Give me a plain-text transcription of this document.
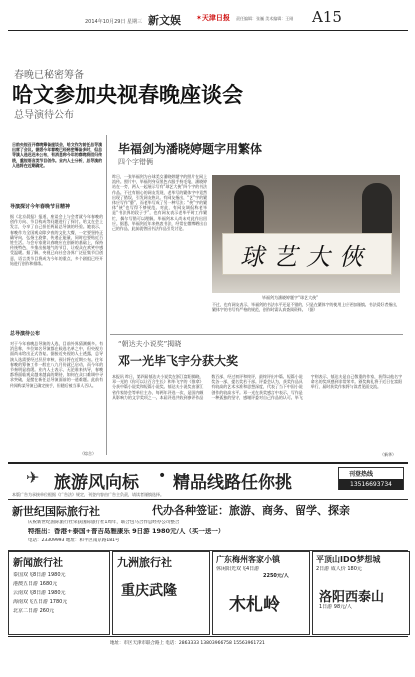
2014年10月29日 星期三 新文娱 ✶天津日报 责任编辑：张巍 美术编辑：王刚 A15
春晚已秘密筹备
哈文参加央视春晚座谈会
总导演待公布
日前央视召开春晚筹备座谈会，哈文作为前任总导演出席了会议。据悉今年春晚已经秘密筹备多时，但总导演人选迟迟未公布，有消息称今年的春晚将回归传统，重视语言类节目创作。业内人士分析，总导演的人选将在近期确定。
导演探讨今年春晚节目精神
据《北京晨报》报道，座谈会上与会者就今年春晚的创作方向、节目构成等问题进行了探讨。哈文在会上发言，分享了自己担任两届总导演的经验。她表示，春晚作为全国观众除夕夜的文化大餐，一定要坚持正确导向，弘扬主旋律，传递正能量，同时也要贴近百姓生活。与会专家建议春晚应在创新的基础上，保持传统特色，多推出接地气的节目，让观众在欢笑中感受温暖。据了解，央视已向社会各界广泛征集节目创意，语言类节目将成为今年的重点，多个剧组已经开始进行创作和排练。
总导演待公布
对于今年春晚总导演的人选，目前外界猜测颇多。有消息称，多位知名导演都在候选名单之中，但央视方面尚未给出正式答复。据接近央视的人士透露，总导演人选需要经过层层审核，预计将在近期公布。往年春晚的筹备工作一般在八九月份就已启动，而今年的节奏明显放缓。业内人士表示，无论谁来执导，春晚都将面临观众越来越高的期待，如何在众口难调中寻求突破，是摆在新任总导演面前的一道难题。此前有传闻称某导演已确定接手，但随后被当事人否认。
（综合）
毕福剑为潘晓婷题字用繁体
四个字错俩
昨日，一张毕福剑为台球美女潘晓婷题字的照片在网上流传。照片中，毕福剑身穿黑色衣服手持毛笔，潘晓婷站在一旁，两人一起展示写有“球艺大俠”四个字的书法作品。不过有细心的网友发现，老毕写的繁体字中竟然出现了错误，引发网友热议。有网友指出，“艺”字的繁体应写作“藝”，而老毕写成了另一种写法；“侠”字的繁体“俠”也写得不够规范。对此，有网友调侃称老毕是“书法界的段子手”，也有网友表示老毕平时工作繁忙，偶尔写错可以理解。毕福剑本人尚未对此作出回应。据悉，毕福剑近年来热衷书法，经常在微博晒出自己的作品，此前就曾因书法作品引发讨论。
球艺大俠
毕福剑为潘晓婷题字“球艺大俠”
不过，也有网友表示，毕福剑的书法水平还是不错的，只是在繁体字的使用上应更加谨慎。书法爱好者指出，繁体字的书写有严格的规范，创作时需认真查阅资料。（据）
“朝达夫小说奖”揭晓
邓一光毕飞宇分获大奖
本报讯 昨日，第四届郁达夫小说奖在浙江富阳揭晓，邓一光的《你可以让百合生长》和毕飞宇的《推拿》分获中篇小说奖和短篇小说奖。郁达夫小说奖由浙江省作家协会等单位主办，每两年评选一次，是国内颇具影响力的文学奖项之一。本届评选共收到参评作品数百部，经过初评和终评，最终评出中篇、短篇小说奖各一部，提名奖若干部。评委会认为，获奖作品具有较高的艺术水准和思想深度，代表了当下中国小说创作的较高水平。邓一光在获奖感言中表示，写作是一种孤独的坚守，感谢评委对自己作品的认可。毕飞宇则表示，郁达夫是自己敬重的作家，获得以他名字命名的奖项感到非常荣幸。颁奖典礼将于近日在富阳举行，届时获奖作家将与读者见面交流。
（新华）
✈ 旅游风向标 • 精品线路任你挑	刊登热线
13516693734
本版广告为承接单位根据《广告法》规定，刊登内容由广告主负责，请读者谨慎选择。
新世纪国际旅行社	代办各种签证：旅游、商务、留学、探亲
庆祝新世纪国际旅行社荣获国际旅行社1周年，联合包马合作总经办公司整合
特推出：香港+泰国+普吉岛雅康乐 9日游 1980元/人（买一送一）
电话：23309993 地址：和平区南京路181号
新闻旅行社
泰国双飞8日游 1980元
港澳五日游 1680元
云南双飞8日游 1980元
海南双飞五日游 1780元
北京二日游 260元
九洲旅行社
重庆武隆
广东梅州客家小镇
休闲阳光双飞4日游
2250元/人
木札岭
平顶山IDO梦想城
2日游 成人价 180元
洛阳西泰山
1日游 98元/人
地址：市区天津市联合路上 电话：2863333 13803966758 15563961721
